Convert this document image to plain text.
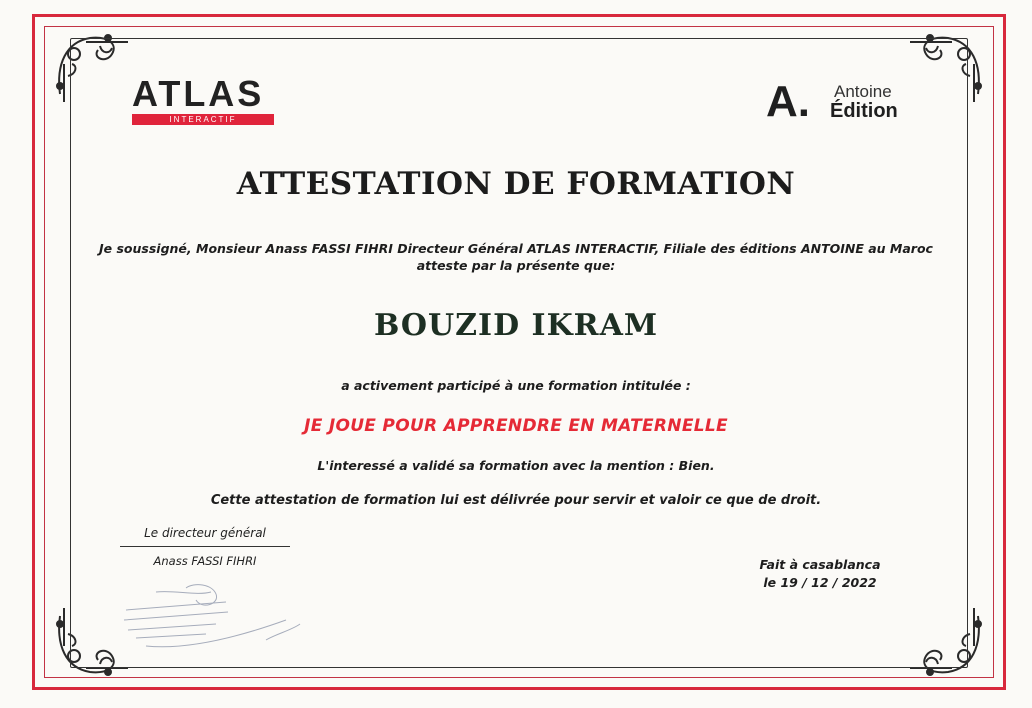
ATLAS
INTERACTIF	A. Antoine
Édition
ATTESTATION DE FORMATION
Je soussigné, Monsieur Anass FASSI FIHRI Directeur Général ATLAS INTERACTIF, Filiale des éditions ANTOINE au Maroc
atteste par la présente que:
BOUZID IKRAM
a activement participé à une formation intitulée :
JE JOUE POUR APPRENDRE EN MATERNELLE
L'interessé a validé sa formation avec la mention : Bien.
Cette attestation de formation lui est délivrée pour servir et valoir ce que de droit.
Le directeur général
Anass FASSI FIHRI	Fait à casablanca
le 19 / 12 / 2022
